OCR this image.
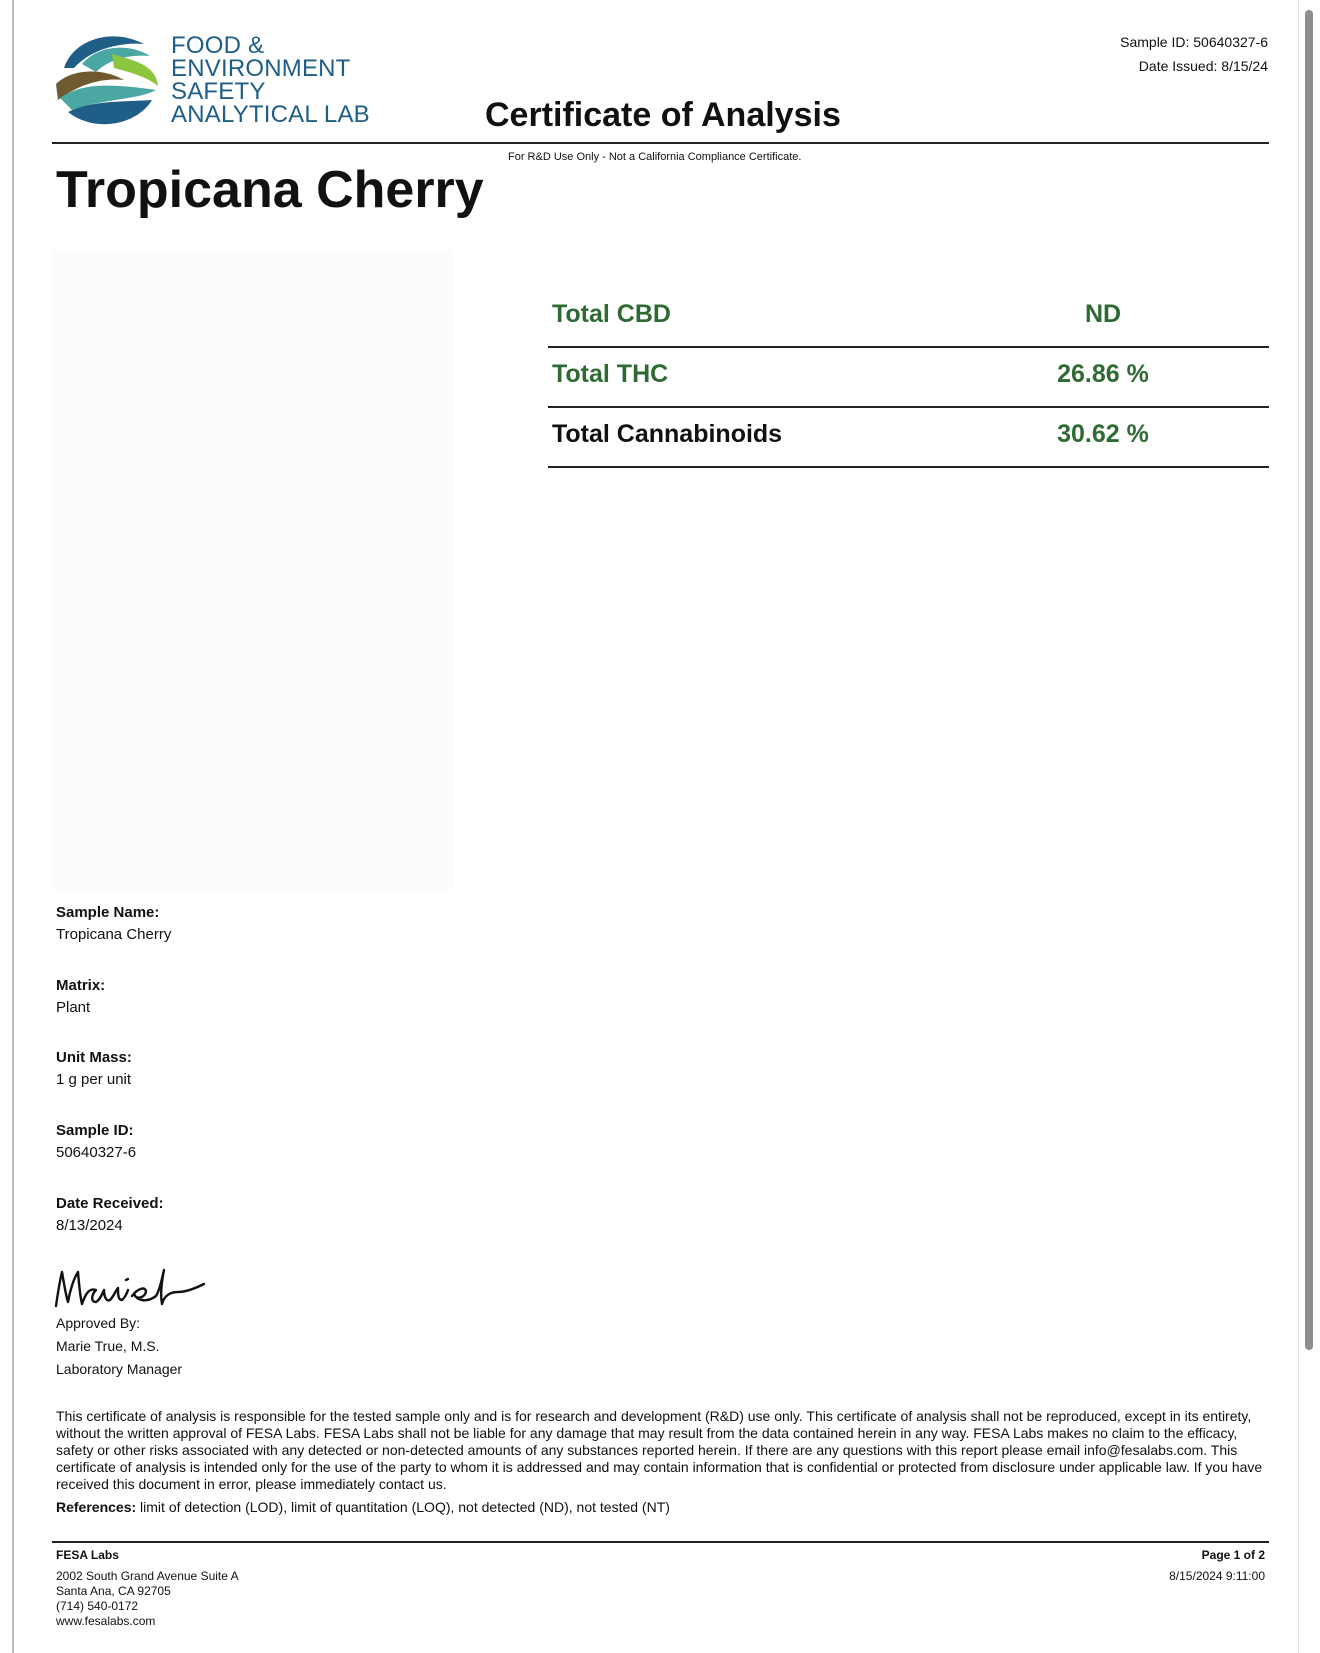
FOOD &
ENVIRONMENT
SAFETY
ANALYTICAL LAB	Certificate of Analysis
Sample ID: 50640327-6
Date Issued: 8/15/24
For R&D Use Only - Not a California Compliance Certificate.
Tropicana Cherry
Total CBD	ND
Total THC	26.86 %
Total Cannabinoids	30.62 %
Sample Name:
Tropicana Cherry
Matrix:
Plant
Unit Mass:
1 g per unit
Sample ID:
50640327-6
Date Received:
8/13/2024
Approved By:
Marie True, M.S.
Laboratory Manager
This certificate of analysis is responsible for the tested sample only and is for research and development (R&D) use only. This certificate of analysis shall not be reproduced, except in its entirety, without the written approval of FESA Labs. FESA Labs shall not be liable for any damage that may result from the data contained herein in any way. FESA Labs makes no claim to the efficacy, safety or other risks associated with any detected or non-detected amounts of any substances reported herein. If there are any questions with this report please email info@fesalabs.com. This certificate of analysis is intended only for the use of the party to whom it is addressed and may contain information that is confidential or protected from disclosure under applicable law. If you have received this document in error, please immediately contact us.
References: limit of detection (LOD), limit of quantitation (LOQ), not detected (ND), not tested (NT)
FESA Labs
2002 South Grand Avenue Suite A
Santa Ana, CA 92705
(714) 540-0172
www.fesalabs.com
Page 1 of 2
8/15/2024 9:11:00
